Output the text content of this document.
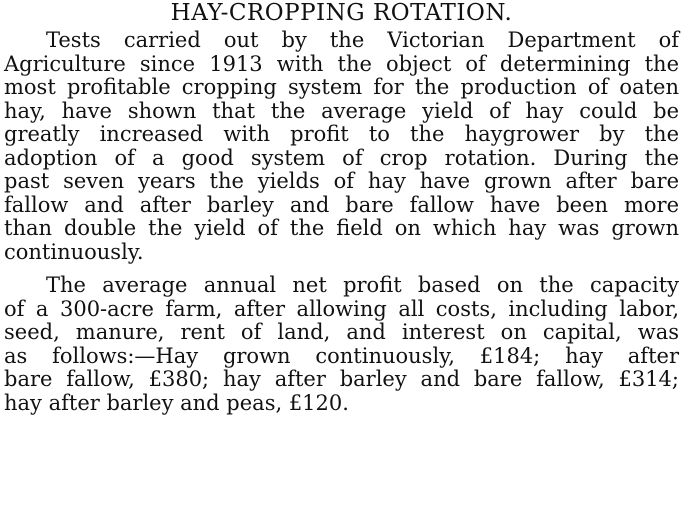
HAY-CROPPING ROTATION.
Tests carried out by the Victorian Department of
Agriculture since 1913 with the object of determining the
most profitable cropping system for the production of oaten
hay, have shown that the average yield of hay could be
greatly increased with profit to the haygrower by the
adoption of a good system of crop rotation. During the
past seven years the yields of hay have grown after bare
fallow and after barley and bare fallow have been more
than double the yield of the field on which hay was grown
continuously.
The average annual net profit based on the capacity
of a 300-acre farm, after allowing all costs, including labor,
seed, manure, rent of land, and interest on capital, was
as follows:—Hay grown continuously, £184; hay after
bare fallow, £380; hay after barley and bare fallow, £314;
hay after barley and peas, £120.
